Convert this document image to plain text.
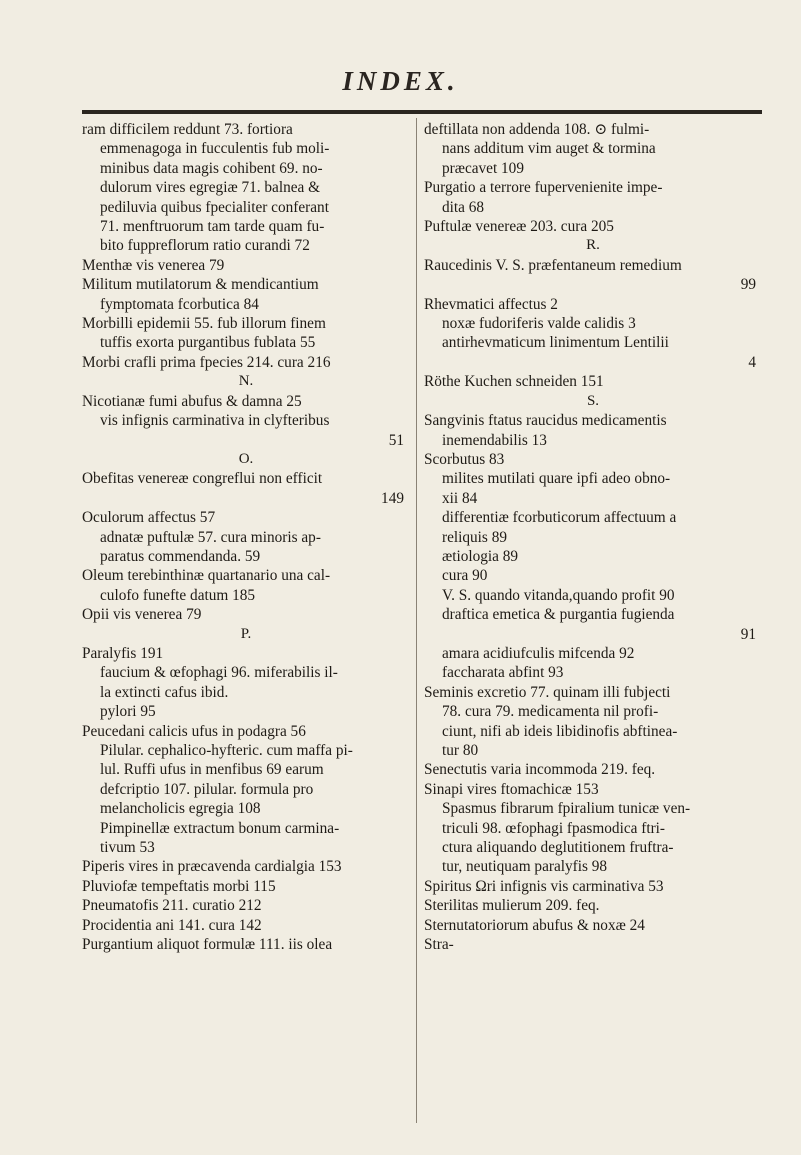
INDEX.
ram difficilem reddunt 73. fortiora
emmenagoga in fucculentis fub moli-
minibus data magis cohibent 69. no-
dulorum vires egregiæ 71. balnea &
pediluvia quibus fpecialiter conferant
71. menftruorum tam tarde quam fu-
bito fuppreflorum ratio curandi 72
Menthæ vis venerea 79
Militum mutilatorum & mendicantium
fymptomata fcorbutica 84
Morbilli epidemii 55. fub illorum finem
tuffis exorta purgantibus fublata 55
Morbi crafli prima fpecies 214. cura 216
N.
Nicotianæ fumi abufus & damna 25
vis infignis carminativa in clyfteribus
51
O.
Obefitas venereæ congreflui non efficit
149
Oculorum affectus 57
adnatæ puftulæ 57. cura minoris ap-
paratus commendanda. 59
Oleum terebinthinæ quartanario una cal-
culofo funefte datum 185
Opii vis venerea 79
P.
Paralyfis 191
faucium & œfophagi 96. miferabilis il-
la extincti cafus ibid.
pylori 95
Peucedani calicis ufus in podagra 56
Pilular. cephalico-hyfteric. cum maffa pi-
lul. Ruffi ufus in menfibus 69 earum
defcriptio 107. pilular. formula pro
melancholicis egregia 108
Pimpinellæ extractum bonum carmina-
tivum 53
Piperis vires in præcavenda cardialgia 153
Pluviofæ tempeftatis morbi 115
Pneumatofis 211. curatio 212
Procidentia ani 141. cura 142
Purgantium aliquot formulæ 111. iis olea
deftillata non addenda 108. ⊙ fulmi-
nans additum vim auget & tormina
præcavet 109
Purgatio a terrore fupervenienite impe-
dita 68
Puftulæ venereæ 203. cura 205
R.
Raucedinis V. S. præfentaneum remedium
99
Rhevmatici affectus 2
noxæ fudoriferis valde calidis 3
antirhevmaticum linimentum Lentilii
4
Röthe Kuchen schneiden 151
S.
Sangvinis ftatus raucidus medicamentis
inemendabilis 13
Scorbutus 83
milites mutilati quare ipfi adeo obno-
xii 84
differentiæ fcorbuticorum affectuum a
reliquis 89
ætiologia 89
cura 90
V. S. quando vitanda,quando profit 90
draftica emetica & purgantia fugienda
91
amara acidiufculis mifcenda 92
faccharata abfint 93
Seminis excretio 77. quinam illi fubjecti
78. cura 79. medicamenta nil profi-
ciunt, nifi ab ideis libidinofis abftinea-
tur 80
Senectutis varia incommoda 219. feq.
Sinapi vires ftomachicæ 153
Spasmus fibrarum fpiralium tunicæ ven-
triculi 98. œfophagi fpasmodica ftri-
ctura aliquando deglutitionem fruftra-
tur, neutiquam paralyfis 98
Spiritus Ωri infignis vis carminativa 53
Sterilitas mulierum 209. feq.
Sternutatoriorum abufus & noxæ 24
Stra-
